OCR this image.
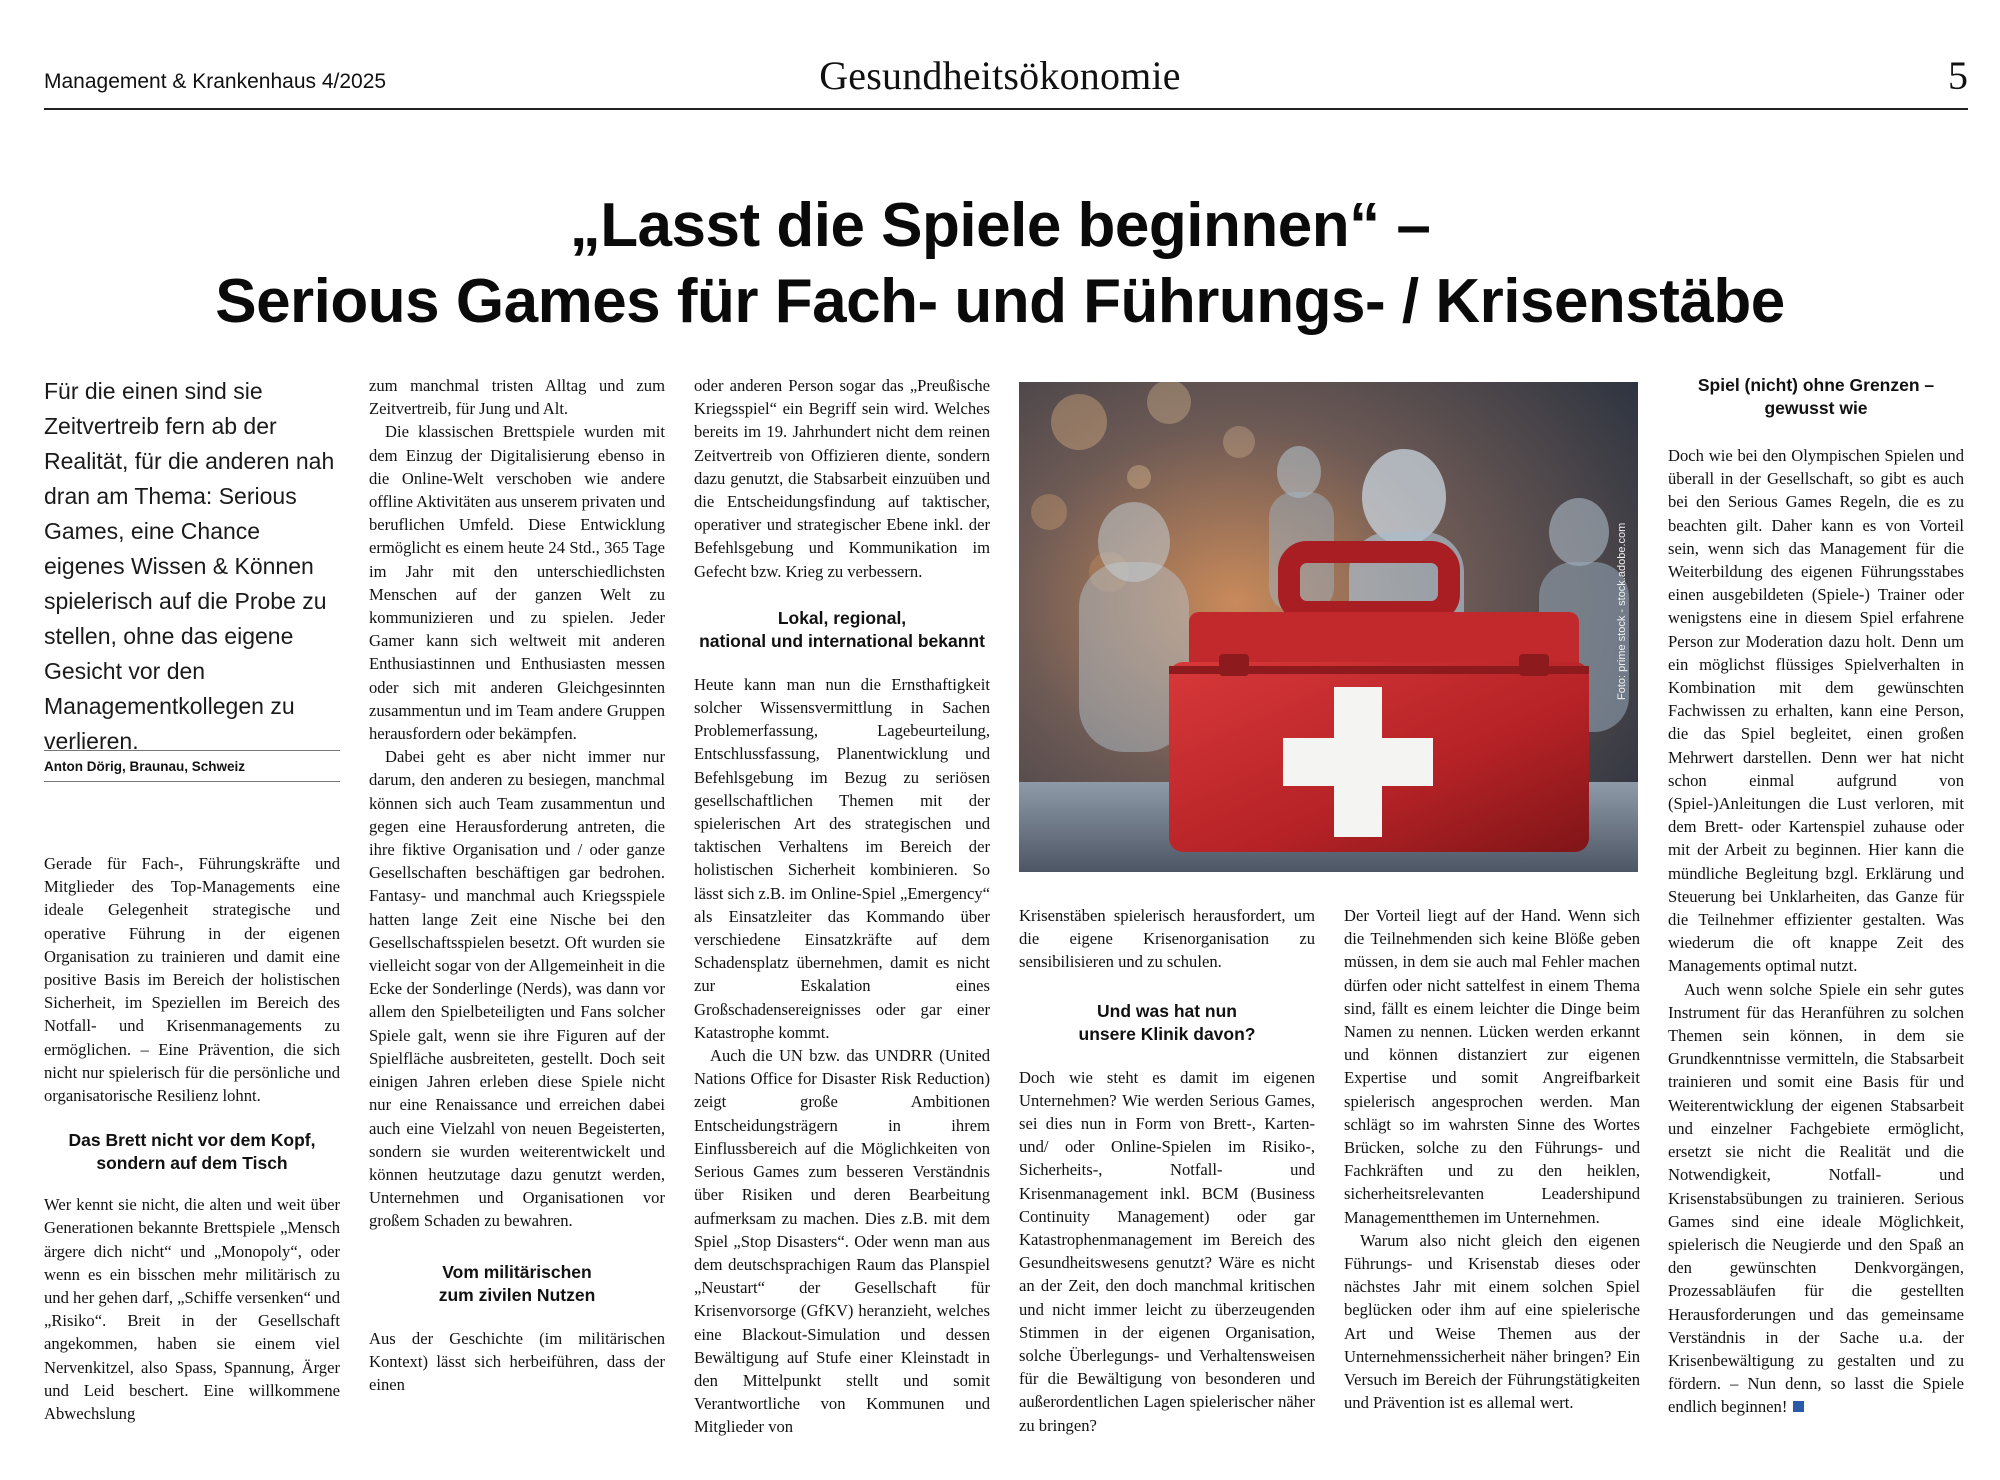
Management & Krankenhaus 4/2025	Gesundheitsökonomie	5
„Lasst die Spiele beginnen“ –
Serious Games für Fach- und Führungs- / Krisenstäbe
Für die einen sind sie Zeitvertreib fern ab der Realität, für die anderen nah dran am Thema: Serious Games, eine Chance eigenes Wissen & Können spielerisch auf die Probe zu stellen, ohne das eigene Gesicht vor den Managementkollegen zu verlieren.
Anton Dörig, Braunau, Schweiz

Gerade für Fach-, Führungskräfte und Mitglieder des Top-Managements eine ideale Gelegenheit strategische und operative Führung in der eigenen Organisation zu trainieren und damit eine positive Basis im Bereich der holistischen Sicherheit, im Speziellen im Bereich des Notfall- und Krisenmanagements zu ermöglichen. – Eine Prävention, die sich nicht nur spielerisch für die persönliche und organisatorische Resilienz lohnt.

Das Brett nicht vor dem Kopf,
sondern auf dem Tisch

Wer kennt sie nicht, die alten und weit über Generationen bekannte Brettspiele „Mensch ärgere dich nicht“ und „Monopoly“, oder wenn es ein bisschen mehr militärisch zu und her gehen darf, „Schiffe versenken“ und „Risiko“. Breit in der Gesellschaft angekommen, haben sie einem viel Nervenkitzel, also Spass, Spannung, Ärger und Leid beschert. Eine willkommene Abwechslung

zum manchmal tristen Alltag und zum Zeitvertreib, für Jung und Alt.

Die klassischen Brettspiele wurden mit dem Einzug der Digitalisierung ebenso in die Online-Welt verschoben wie andere offline Aktivitäten aus unserem privaten und beruflichen Umfeld. Diese Entwicklung ermöglicht es einem heute 24 Std., 365 Tage im Jahr mit den unterschiedlichsten Menschen auf der ganzen Welt zu kommunizieren und zu spielen. Jeder Gamer kann sich weltweit mit anderen Enthusiastinnen und Enthusiasten messen oder sich mit anderen Gleichgesinnten zusammentun und im Team andere Gruppen herausfordern oder bekämpfen.

Dabei geht es aber nicht immer nur darum, den anderen zu besiegen, manchmal können sich auch Team zusammentun und gegen eine Herausforderung antreten, die ihre fiktive Organisation und / oder ganze Gesellschaften beschäftigen gar bedrohen. Fantasy- und manchmal auch Kriegsspiele hatten lange Zeit eine Nische bei den Gesellschaftsspielen besetzt. Oft wurden sie vielleicht sogar von der Allgemeinheit in die Ecke der Sonderlinge (Nerds), was dann vor allem den Spielbeteiligten und Fans solcher Spiele galt, wenn sie ihre Figuren auf der Spielfläche ausbreiteten, gestellt. Doch seit einigen Jahren erleben diese Spiele nicht nur eine Renaissance und erreichen dabei auch eine Vielzahl von neuen Begeisterten, sondern sie wurden weiterentwickelt und können heutzutage dazu genutzt werden, Unternehmen und Organisationen vor großem Schaden zu bewahren.

Vom militärischen
zum zivilen Nutzen

Aus der Geschichte (im militärischen Kontext) lässt sich herbeiführen, dass der einen

oder anderen Person sogar das „Preußische Kriegsspiel“ ein Begriff sein wird. Welches bereits im 19. Jahrhundert nicht dem reinen Zeitvertreib von Offizieren diente, sondern dazu genutzt, die Stabsarbeit einzuüben und die Entscheidungsfindung auf taktischer, operativer und strategischer Ebene inkl. der Befehlsgebung und Kommunikation im Gefecht bzw. Krieg zu verbessern.

Lokal, regional,
national und international bekannt

Heute kann man nun die Ernsthaftigkeit solcher Wissensvermittlung in Sachen Problemerfassung, Lagebeurteilung, Entschlussfassung, Planentwicklung und Befehlsgebung im Bezug zu seriösen gesellschaftlichen Themen mit der spielerischen Art des strategischen und taktischen Verhaltens im Bereich der holistischen Sicherheit kombinieren. So lässt sich z.B. im Online-Spiel „Emergency“ als Einsatzleiter das Kommando über verschiedene Einsatzkräfte auf dem Schadensplatz übernehmen, damit es nicht zur Eskalation eines Großschadensereignisses oder gar einer Katastrophe kommt.

Auch die UN bzw. das UNDRR (United Nations Office for Disaster Risk Reduction) zeigt große Ambitionen Entscheidungsträgern in ihrem Einflussbereich auf die Möglichkeiten von Serious Games zum besseren Verständnis über Risiken und deren Bearbeitung aufmerksam zu machen. Dies z.B. mit dem Spiel „Stop Disasters“. Oder wenn man aus dem deutschsprachigen Raum das Planspiel „Neustart“ der Gesellschaft für Krisenvorsorge (GfKV) heranzieht, welches eine Blackout-Simulation und dessen Bewältigung auf Stufe einer Kleinstadt in den Mittelpunkt stellt und somit Verantwortliche von Kommunen und Mitglieder von

Foto: prime stock - stock.adobe.com

Krisenstäben spielerisch herausfordert, um die eigene Krisenorganisation zu sensibilisieren und zu schulen.

Und was hat nun
unsere Klinik davon?

Doch wie steht es damit im eigenen Unternehmen? Wie werden Serious Games, sei dies nun in Form von Brett-, Karten- und/ oder Online-Spielen im Risiko-, Sicherheits-, Notfall- und Krisenmanagement inkl. BCM (Business Continuity Management) oder gar Katastrophenmanagement im Bereich des Gesundheitswesens genutzt? Wäre es nicht an der Zeit, den doch manchmal kritischen und nicht immer leicht zu überzeugenden Stimmen in der eigenen Organisation, solche Überlegungs- und Verhaltensweisen für die Bewältigung von besonderen und außerordentlichen Lagen spielerischer näher zu bringen?

Der Vorteil liegt auf der Hand. Wenn sich die Teilnehmenden sich keine Blöße geben müssen, in dem sie auch mal Fehler machen dürfen oder nicht sattelfest in einem Thema sind, fällt es einem leichter die Dinge beim Namen zu nennen. Lücken werden erkannt und können distanziert zur eigenen Expertise und somit Angreifbarkeit spielerisch angesprochen werden. Man schlägt so im wahrsten Sinne des Wortes Brücken, solche zu den Führungs- und Fachkräften und zu den heiklen, sicherheitsrelevanten Leadershipund Managementthemen im Unternehmen.

Warum also nicht gleich den eigenen Führungs- und Krisenstab dieses oder nächstes Jahr mit einem solchen Spiel beglücken oder ihm auf eine spielerische Art und Weise Themen aus der Unternehmenssicherheit näher bringen? Ein Versuch im Bereich der Führungstätigkeiten und Prävention ist es allemal wert.

Spiel (nicht) ohne Grenzen –
gewusst wie

Doch wie bei den Olympischen Spielen und überall in der Gesellschaft, so gibt es auch bei den Serious Games Regeln, die es zu beachten gilt. Daher kann es von Vorteil sein, wenn sich das Management für die Weiterbildung des eigenen Führungsstabes einen ausgebildeten (Spiele-) Trainer oder wenigstens eine in diesem Spiel erfahrene Person zur Moderation dazu holt. Denn um ein möglichst flüssiges Spielverhalten in Kombination mit dem gewünschten Fachwissen zu erhalten, kann eine Person, die das Spiel begleitet, einen großen Mehrwert darstellen. Denn wer hat nicht schon einmal aufgrund von (Spiel-)Anleitungen die Lust verloren, mit dem Brett- oder Kartenspiel zuhause oder mit der Arbeit zu beginnen. Hier kann die mündliche Begleitung bzgl. Erklärung und Steuerung bei Unklarheiten, das Ganze für die Teilnehmer effizienter gestalten. Was wiederum die oft knappe Zeit des Managements optimal nutzt.

Auch wenn solche Spiele ein sehr gutes Instrument für das Heranführen zu solchen Themen sein können, in dem sie Grundkenntnisse vermitteln, die Stabsarbeit trainieren und somit eine Basis für und Weiterentwicklung der eigenen Stabsarbeit und einzelner Fachgebiete ermöglicht, ersetzt sie nicht die Realität und die Notwendigkeit, Notfall- und Krisenstabsübungen zu trainieren. Serious Games sind eine ideale Möglichkeit, spielerisch die Neugierde und den Spaß an den gewünschten Denkvorgängen, Prozessabläufen für die gestellten Herausforderungen und das gemeinsame Verständnis in der Sache u.a. der Krisenbewältigung zu gestalten und zu fördern. – Nun denn, so lasst die Spiele endlich beginnen!
